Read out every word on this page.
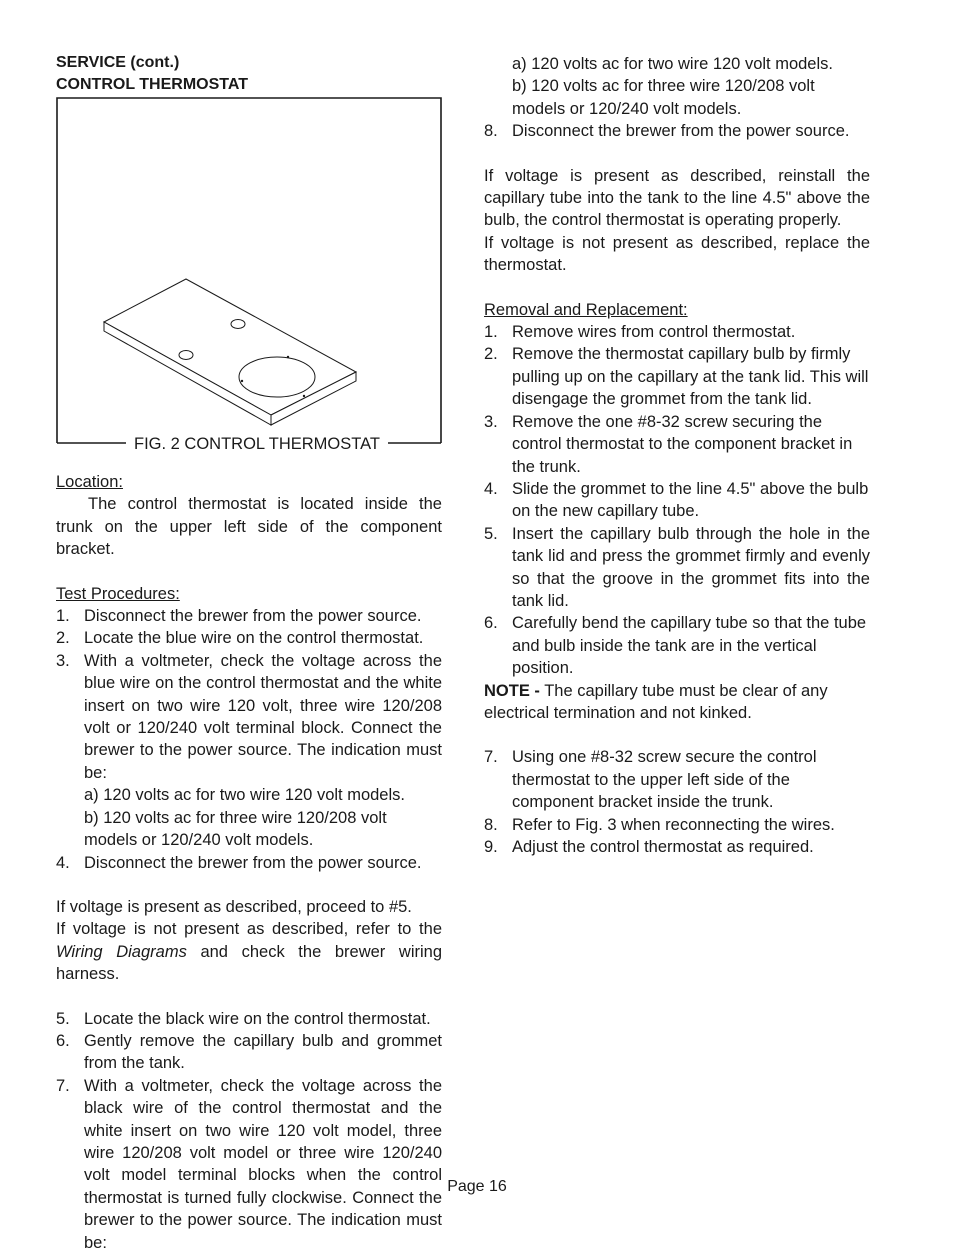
SERVICE (cont.)
CONTROL THERMOSTAT
FIG. 2 CONTROL THERMOSTAT

Location:

The control thermostat is located inside the trunk on the upper left side of the component bracket.

Test Procedures:

1. Disconnect the brewer from the power source.
2. Locate the blue wire on the control thermostat.
3. With a voltmeter, check the voltage across the blue wire on the control thermostat and the white insert on two wire 120 volt, three wire 120/208 volt or 120/240 volt terminal block. Connect the brewer to the power source. The indication must be:

a) 120 volts ac for two wire 120 volt models.

b) 120 volts ac for three wire 120/208 volt models or 120/240 volt models.

4. Disconnect the brewer from the power source.

If voltage is present as described, proceed to #5.

If voltage is not present as described, refer to the Wiring Diagrams and check the brewer wiring harness.

5. Locate the black wire on the control thermostat.
6. Gently remove the capillary bulb and grommet from the tank.
7. With a voltmeter, check the voltage across the black wire of the control thermostat and the white insert on two wire 120 volt model, three wire 120/208 volt model or three wire 120/240 volt model terminal blocks when the control thermostat is turned fully clockwise. Connect the brewer to the power source. The indication must be:

a) 120 volts ac for two wire 120 volt models.

b) 120 volts ac for three wire 120/208 volt models or 120/240 volt models.

8. Disconnect the brewer from the power source.

If voltage is present as described, reinstall the capillary tube into the tank to the line 4.5" above the bulb, the control thermostat is operating properly.

If voltage is not present as described, replace the thermostat.

Removal and Replacement:

1. Remove wires from control thermostat.
2. Remove the thermostat capillary bulb by firmly pulling up on the capillary at the tank lid. This will disengage the grommet from the tank lid.
3. Remove the one #8-32 screw securing the control thermostat to the component bracket in the trunk.
4. Slide the grommet to the line 4.5" above the bulb on the new capillary tube.
5. Insert the capillary bulb through the hole in the tank lid and press the grommet firmly and evenly so that the groove in the grommet fits into the tank lid.
6. Carefully bend the capillary tube so that the tube and bulb inside the tank are in the vertical position.

NOTE - The capillary tube must be clear of any electrical termination and not kinked.

7. Using one #8-32 screw secure the control thermostat to the upper left side of the component bracket inside the trunk.
8. Refer to Fig. 3 when reconnecting the wires.
9. Adjust the control thermostat as required.
Page 16
